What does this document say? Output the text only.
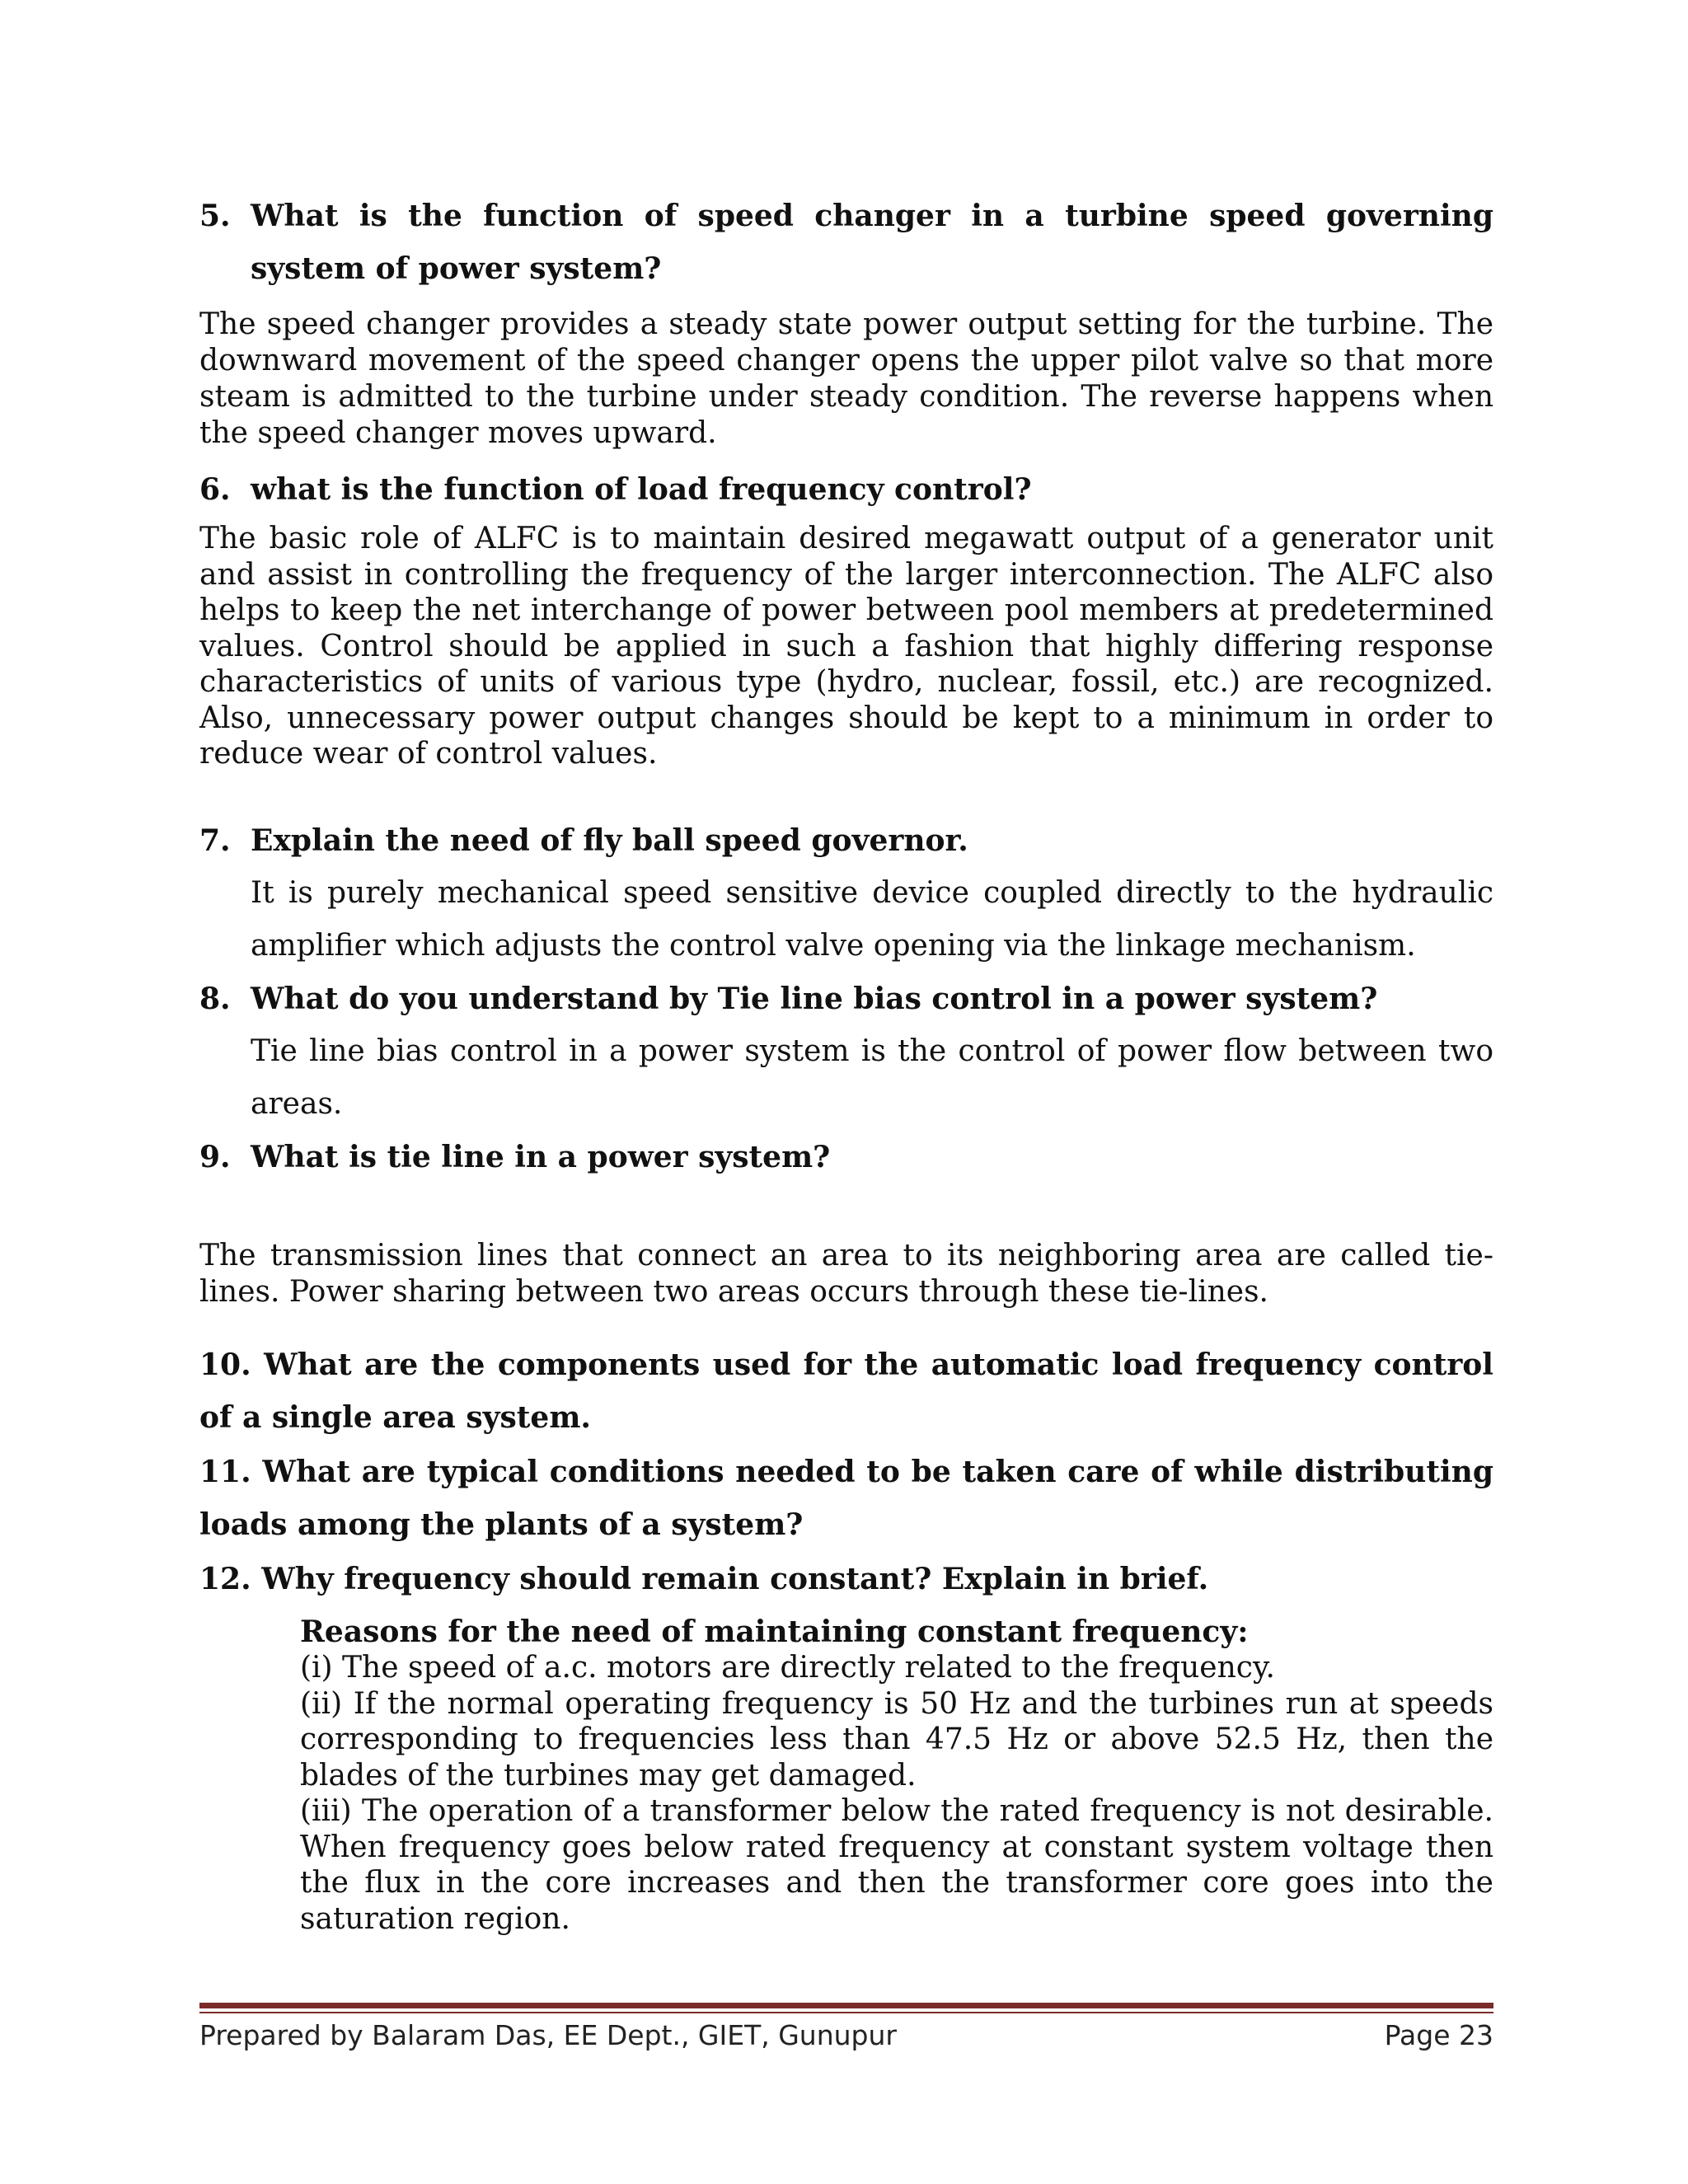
5. What is the function of speed changer in a turbine speed governing system of power system?
The speed changer provides a steady state power output setting for the turbine. The downward movement of the speed changer opens the upper pilot valve so that more steam is admitted to the turbine under steady condition. The reverse happens when the speed changer moves upward.
6. what is the function of load frequency control?
The basic role of ALFC is to maintain desired megawatt output of a generator unit and assist in controlling the frequency of the larger interconnection. The ALFC also helps to keep the net interchange of power between pool members at predetermined values. Control should be applied in such a fashion that highly differing response characteristics of units of various type (hydro, nuclear, fossil, etc.) are recognized. Also, unnecessary power output changes should be kept to a minimum in order to reduce wear of control values.
7. Explain the need of fly ball speed governor.
It is purely mechanical speed sensitive device coupled directly to the hydraulic amplifier which adjusts the control valve opening via the linkage mechanism.
8. What do you understand by Tie line bias control in a power system?
Tie line bias control in a power system is the control of power flow between two areas.
9. What is tie line in a power system?
The transmission lines that connect an area to its neighboring area are called tie-lines. Power sharing between two areas occurs through these tie-lines.
10. What are the components used for the automatic load frequency control of a single area system.
11. What are typical conditions needed to be taken care of while distributing loads among the plants of a system?
12. Why frequency should remain constant? Explain in brief.
Reasons for the need of maintaining constant frequency:
(i) The speed of a.c. motors are directly related to the frequency.
(ii) If the normal operating frequency is 50 Hz and the turbines run at speeds corresponding to frequencies less than 47.5 Hz or above 52.5 Hz, then the blades of the turbines may get damaged.
(iii) The operation of a transformer below the rated frequency is not desirable. When frequency goes below rated frequency at constant system voltage then the flux in the core increases and then the transformer core goes into the saturation region.
Prepared by Balaram Das, EE Dept., GIET, Gunupur	Page 23
